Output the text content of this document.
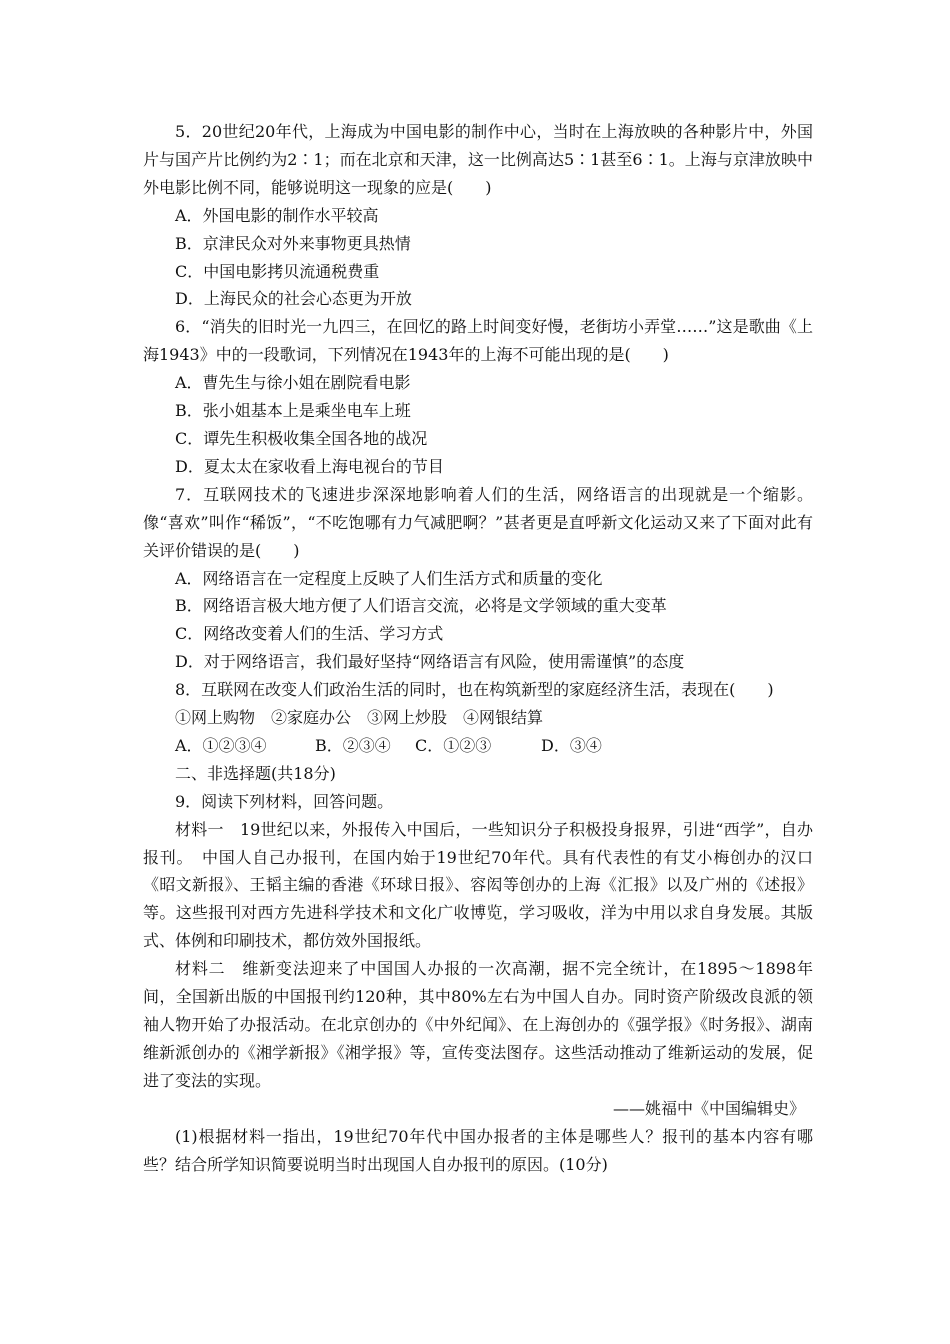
5．20世纪20年代，上海成为中国电影的制作中心，当时在上海放映的各种影片中，外国片与国产片比例约为2∶1；而在北京和天津，这一比例高达5∶1甚至6∶1。上海与京津放映中外电影比例不同，能够说明这一现象的应是(　　)

A．外国电影的制作水平较高

B．京津民众对外来事物更具热情

C．中国电影拷贝流通税费重

D．上海民众的社会心态更为开放

6．“消失的旧时光一九四三，在回忆的路上时间变好慢，老街坊小弄堂……”这是歌曲《上海1943》中的一段歌词，下列情况在1943年的上海不可能出现的是(　　)

A．曹先生与徐小姐在剧院看电影

B．张小姐基本上是乘坐电车上班

C．谭先生积极收集全国各地的战况

D．夏太太在家收看上海电视台的节目

7．互联网技术的飞速进步深深地影响着人们的生活，网络语言的出现就是一个缩影。像“喜欢”叫作“稀饭”，“不吃饱哪有力气减肥啊？”甚者更是直呼新文化运动又来了下面对此有关评价错误的是(　　)

A．网络语言在一定程度上反映了人们生活方式和质量的变化

B．网络语言极大地方便了人们语言交流，必将是文学领域的重大变革

C．网络改变着人们的生活、学习方式

D．对于网络语言，我们最好坚持“网络语言有风险，使用需谨慎”的态度

8．互联网在改变人们政治生活的同时，也在构筑新型的家庭经济生活，表现在(　　)

①网上购物　②家庭办公　③网上炒股　④网银结算

A．①②③④	B．②③④ C．①②③	D．③④

二、非选择题(共18分)

9．阅读下列材料，回答问题。

材料一　19世纪以来，外报传入中国后，一些知识分子积极投身报界，引进“西学”，自办报刊。　中国人自己办报刊，在国内始于19世纪70年代。具有代表性的有艾小梅创办的汉口《昭文新报》、王韬主编的香港《环球日报》、容闳等创办的上海《汇报》以及广州的《述报》等。这些报刊对西方先进科学技术和文化广收博览，学习吸收，洋为中用以求自身发展。其版式、体例和印刷技术，都仿效外国报纸。

材料二　维新变法迎来了中国国人办报的一次高潮，据不完全统计，在1895～1898年间，全国新出版的中国报刊约120种，其中80%左右为中国人自办。同时资产阶级改良派的领袖人物开始了办报活动。在北京创办的《中外纪闻》、在上海创办的《强学报》《时务报》、湖南维新派创办的《湘学新报》《湘学报》等，宣传变法图存。这些活动推动了维新运动的发展，促进了变法的实现。

——姚福中《中国编辑史》

(1)根据材料一指出，19世纪70年代中国办报者的主体是哪些人？报刊的基本内容有哪些？结合所学知识简要说明当时出现国人自办报刊的原因。(10分)
